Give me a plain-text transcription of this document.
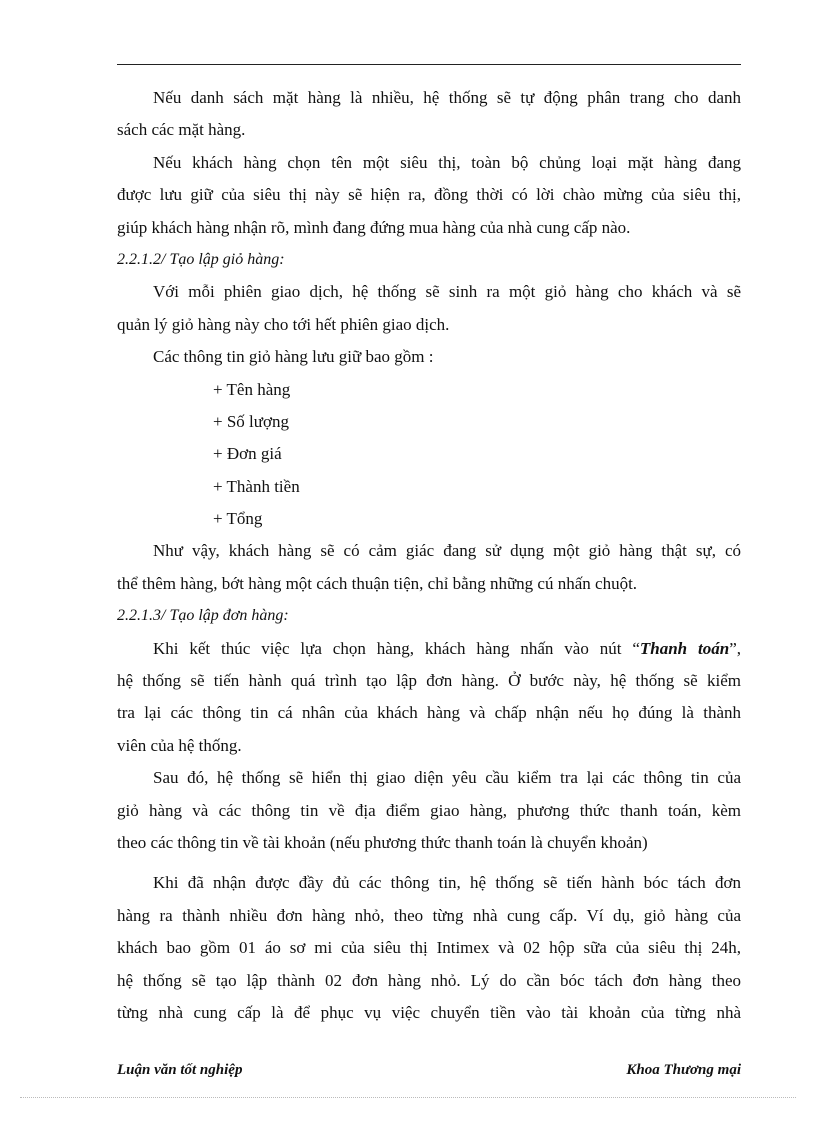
Nếu danh sách mặt hàng là nhiều, hệ thống sẽ tự động phân trang cho danh
sách các mặt hàng.
Nếu khách hàng chọn tên một siêu thị, toàn bộ chủng loại mặt hàng đang
được lưu giữ của siêu thị này sẽ hiện ra, đồng thời có lời chào mừng của siêu thị,
giúp khách hàng nhận rõ, mình đang đứng mua hàng của nhà cung cấp nào.
2.2.1.2/ Tạo lập giỏ hàng:
Với mỗi phiên giao dịch, hệ thống sẽ sinh ra một giỏ hàng cho khách và sẽ
quản lý giỏ hàng này cho tới hết phiên giao dịch.
Các thông tin giỏ hàng lưu giữ bao gồm :
+ Tên hàng
+ Số lượng
+ Đơn giá
+ Thành tiền
+ Tổng
Như vậy, khách hàng sẽ có cảm giác đang sử dụng một giỏ hàng thật sự, có
thể thêm hàng, bớt hàng một cách thuận tiện, chỉ bằng những cú nhấn chuột.
2.2.1.3/ Tạo lập đơn hàng:
Khi kết thúc việc lựa chọn hàng, khách hàng nhấn vào nút “Thanh toán”,
hệ thống sẽ tiến hành quá trình tạo lập đơn hàng. Ở bước này, hệ thống sẽ kiểm
tra lại các thông tin cá nhân của khách hàng và chấp nhận nếu họ đúng là thành
viên của hệ thống.
Sau đó, hệ thống sẽ hiển thị giao diện yêu cầu kiểm tra lại các thông tin của
giỏ hàng và các thông tin về địa điểm giao hàng, phương thức thanh toán, kèm
theo các thông tin về tài khoản (nếu phương thức thanh toán là chuyển khoản)
Khi đã nhận được đầy đủ các thông tin, hệ thống sẽ tiến hành bóc tách đơn
hàng ra thành nhiều đơn hàng nhỏ, theo từng nhà cung cấp. Ví dụ, giỏ hàng của
khách bao gồm 01 áo sơ mi của siêu thị Intimex và 02 hộp sữa của siêu thị 24h,
hệ thống sẽ tạo lập thành 02 đơn hàng nhỏ. Lý do cần bóc tách đơn hàng theo
từng nhà cung cấp là để phục vụ việc chuyển tiền vào tài khoản của từng nhà
Luận văn tốt nghiệp	Khoa Thương mại
